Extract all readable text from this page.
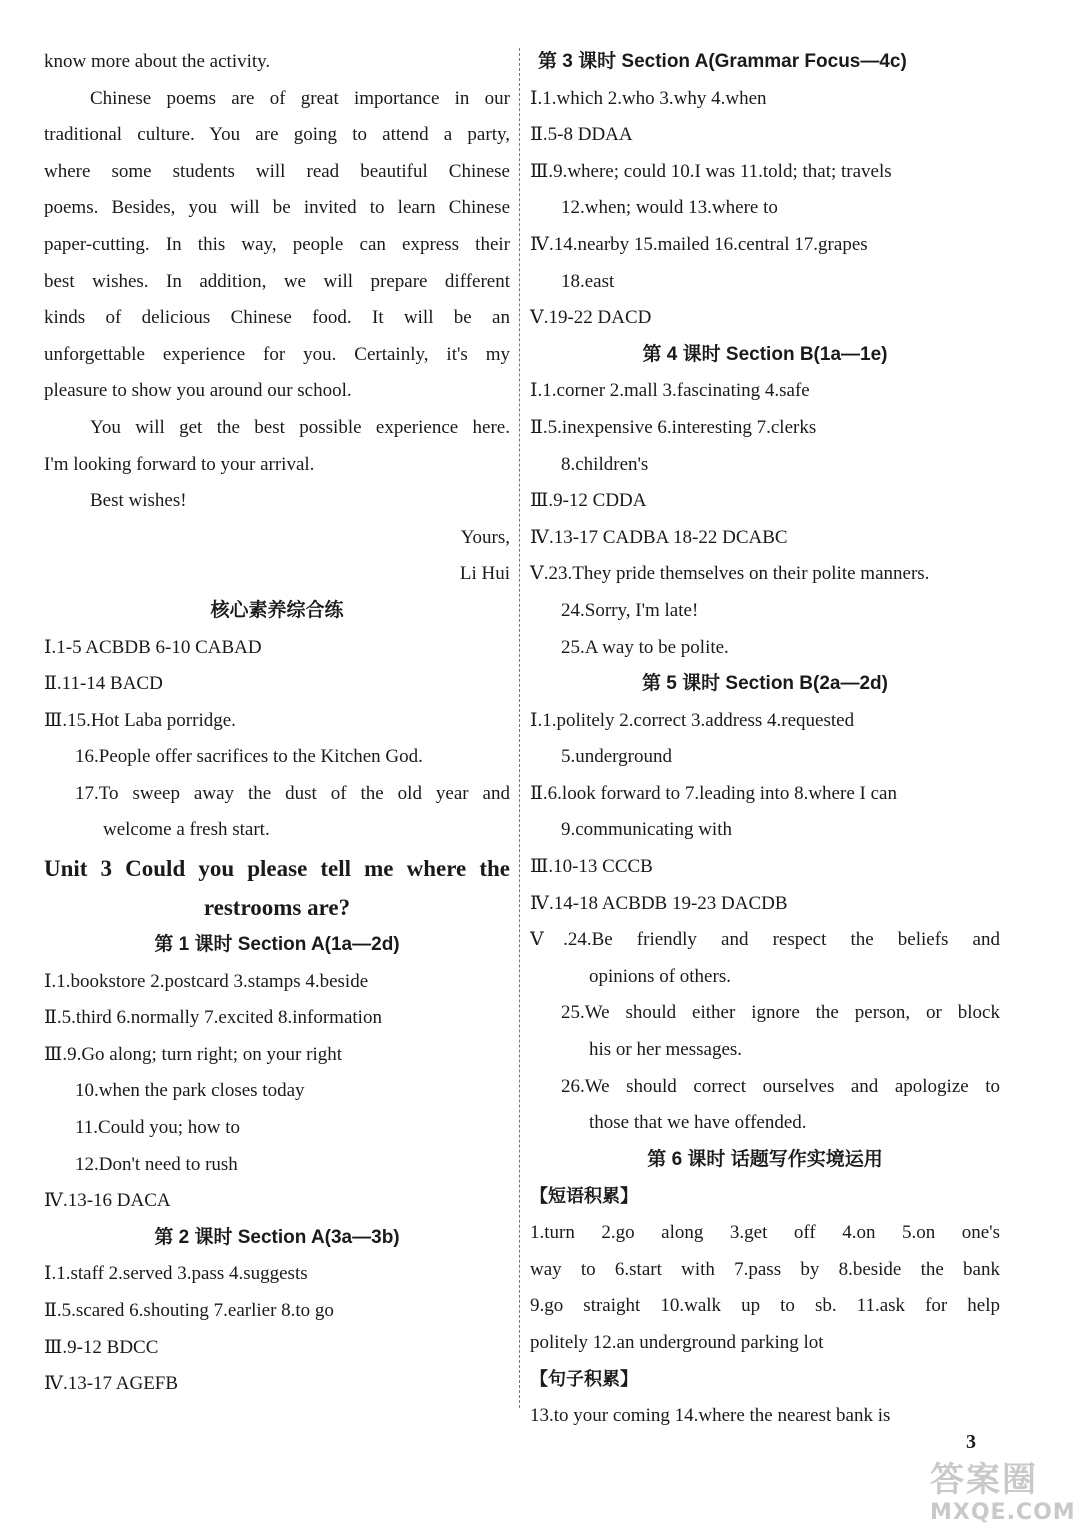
know more about the activity.
Chinese poems are of great importance in our
traditional culture. You are going to attend a party,
where some students will read beautiful Chinese
poems. Besides, you will be invited to learn Chinese
paper-cutting. In this way, people can express their
best wishes. In addition, we will prepare different
kinds of delicious Chinese food. It will be an
unforgettable experience for you. Certainly, it's my
pleasure to show you around our school.
You will get the best possible experience here.
I'm looking forward to your arrival.
Best wishes!
Yours,
Li Hui
核心素养综合练
Ⅰ.1-5 ACBDB 6-10 CABAD
Ⅱ.11-14 BACD
Ⅲ.15.Hot Laba porridge.
16.People offer sacrifices to the Kitchen God.
17.To sweep away the dust of the old year and
welcome a fresh start.
Unit 3 Could you please tell me where the
restrooms are?
第 1 课时 Section A(1a—2d)
Ⅰ.1.bookstore 2.postcard 3.stamps 4.beside
Ⅱ.5.third 6.normally 7.excited 8.information
Ⅲ.9.Go along; turn right; on your right
10.when the park closes today
11.Could you; how to
12.Don't need to rush
Ⅳ.13-16 DACA
第 2 课时 Section A(3a—3b)
Ⅰ.1.staff 2.served 3.pass 4.suggests
Ⅱ.5.scared 6.shouting 7.earlier 8.to go
Ⅲ.9-12 BDCC
Ⅳ.13-17 AGEFB
第 3 课时 Section A(Grammar Focus—4c)
Ⅰ.1.which 2.who 3.why 4.when
Ⅱ.5-8 DDAA
Ⅲ.9.where; could 10.I was 11.told; that; travels
12.when; would 13.where to
Ⅳ.14.nearby 15.mailed 16.central 17.grapes
18.east
Ⅴ.19-22 DACD
第 4 课时 Section B(1a—1e)
Ⅰ.1.corner 2.mall 3.fascinating 4.safe
Ⅱ.5.inexpensive 6.interesting 7.clerks
8.children's
Ⅲ.9-12 CDDA
Ⅳ.13-17 CADBA 18-22 DCABC
Ⅴ.23.They pride themselves on their polite manners.
24.Sorry, I'm late!
25.A way to be polite.
第 5 课时 Section B(2a—2d)
Ⅰ.1.politely 2.correct 3.address 4.requested
5.underground
Ⅱ.6.look forward to 7.leading into 8.where I can
9.communicating with
Ⅲ.10-13 CCCB
Ⅳ.14-18 ACBDB 19-23 DACDB
Ⅴ.24.Be friendly and respect the beliefs and
opinions of others.
25.We should either ignore the person, or block
his or her messages.
26.We should correct ourselves and apologize to
those that we have offended.
第 6 课时 话题写作实境运用
【短语积累】
1.turn 2.go along 3.get off 4.on 5.on one's
way to 6.start with 7.pass by 8.beside the bank
9.go straight 10.walk up to sb. 11.ask for help
politely 12.an underground parking lot
【句子积累】
13.to your coming 14.where the nearest bank is
3
答案圈
MXQE.COM
